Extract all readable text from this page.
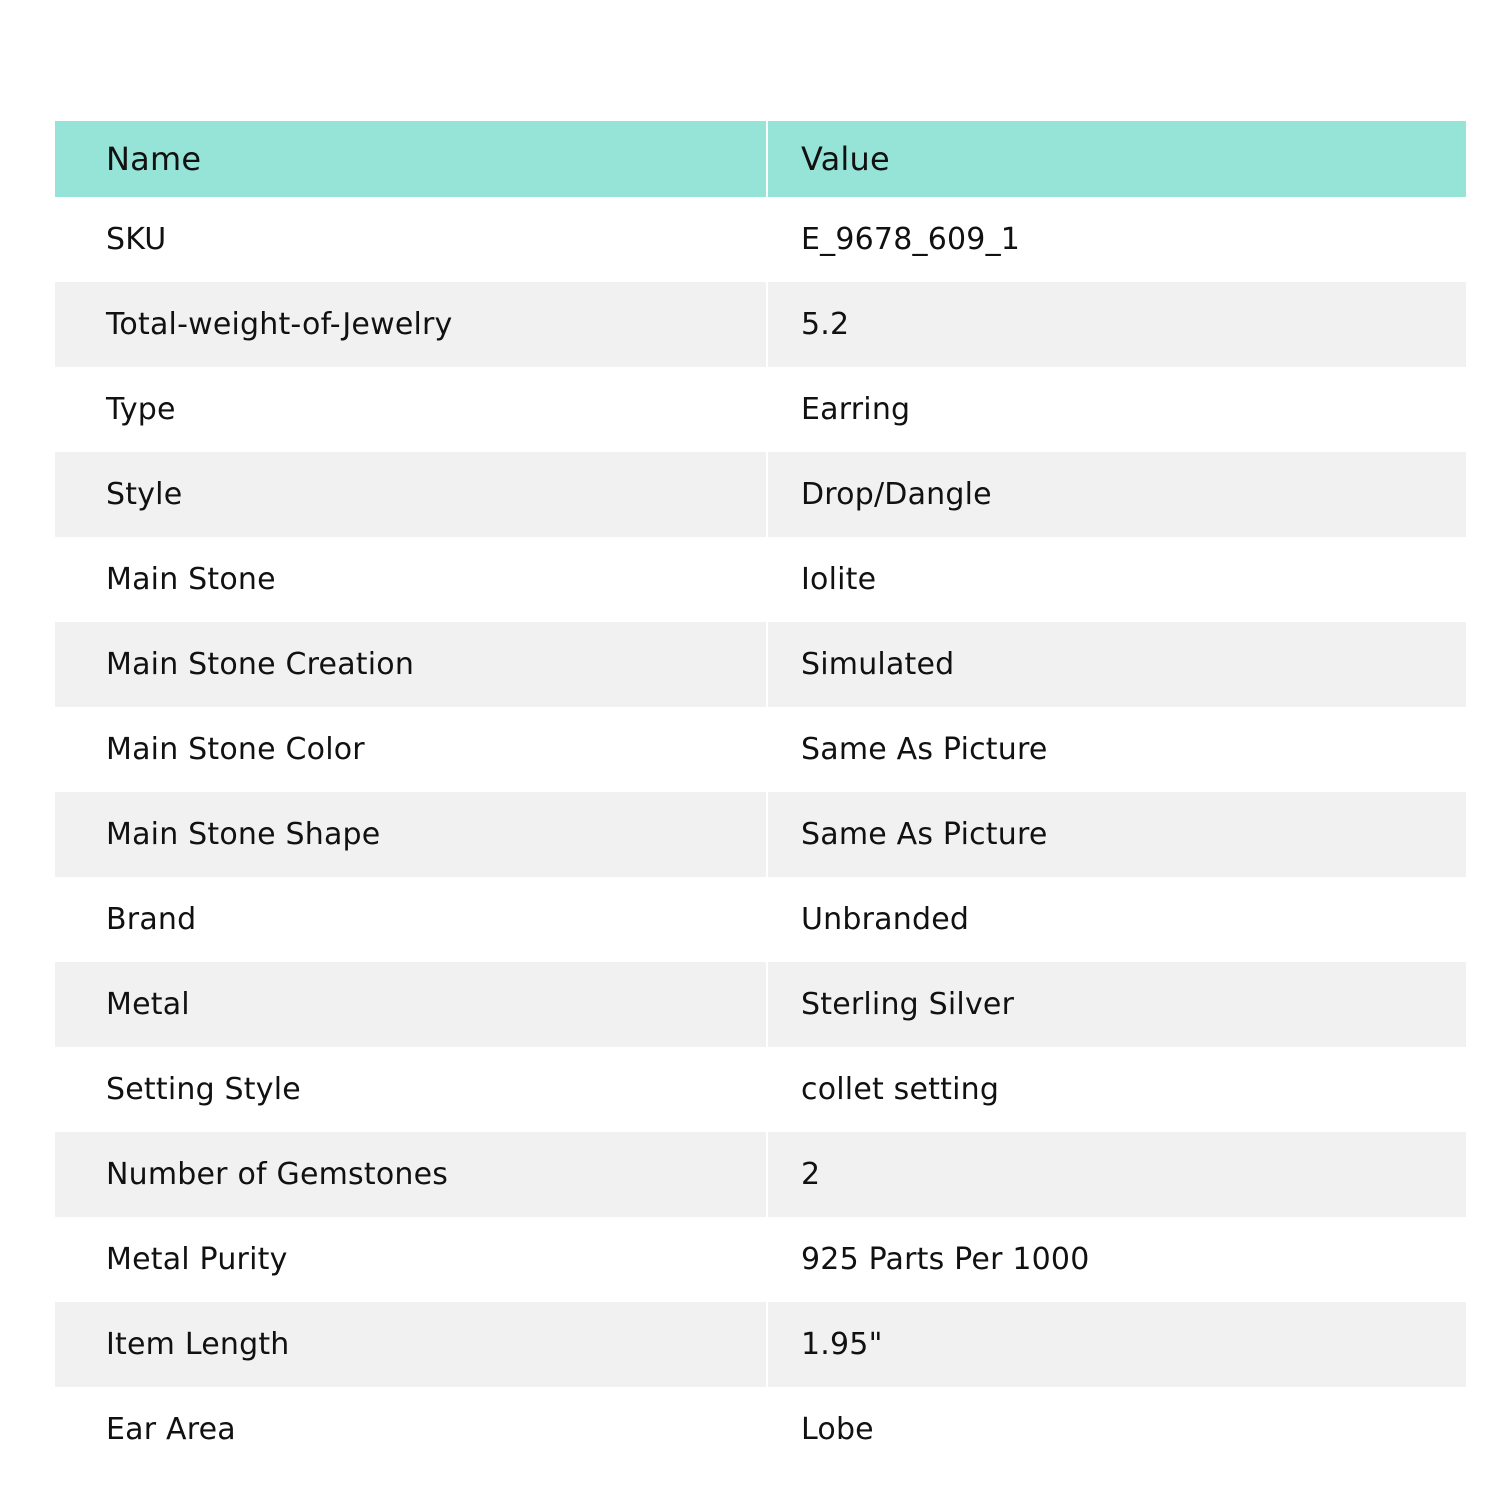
Name	Value
SKU	E_9678_609_1
Total-weight-of-Jewelry	5.2
Type	Earring
Style	Drop/Dangle
Main Stone	Iolite
Main Stone Creation	Simulated
Main Stone Color	Same As Picture
Main Stone Shape	Same As Picture
Brand	Unbranded
Metal	Sterling Silver
Setting Style	collet setting
Number of Gemstones	2
Metal Purity	925 Parts Per 1000
Item Length	1.95"
Ear Area	Lobe
